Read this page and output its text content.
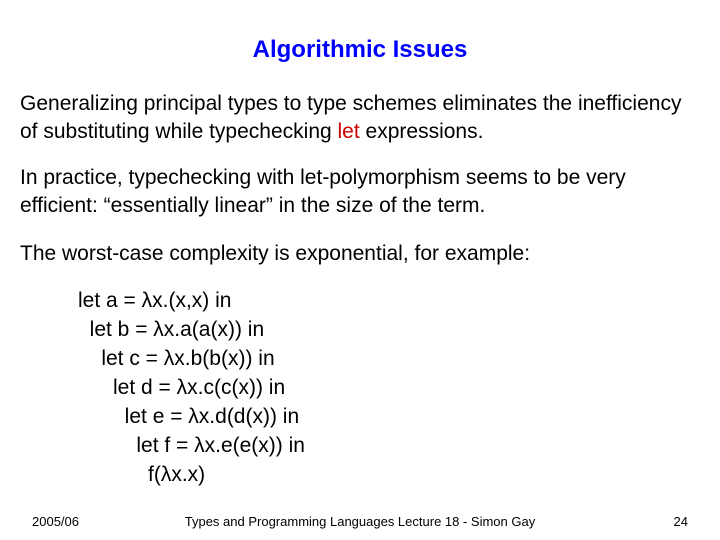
Algorithmic Issues
Generalizing principal types to type schemes eliminates the inefficiency of substituting while typechecking let expressions.
In practice, typechecking with let-polymorphism seems to be very efficient: “essentially linear” in the size of the term.
The worst-case complexity is exponential, for example:
let a = λx.(x,x) in
let b = λx.a(a(x)) in
let c = λx.b(b(x)) in
let d = λx.c(c(x)) in
let e = λx.d(d(x)) in
let f = λx.e(e(x)) in
f(λx.x)
2005/06	Types and Programming Languages Lecture 18 - Simon Gay	24
